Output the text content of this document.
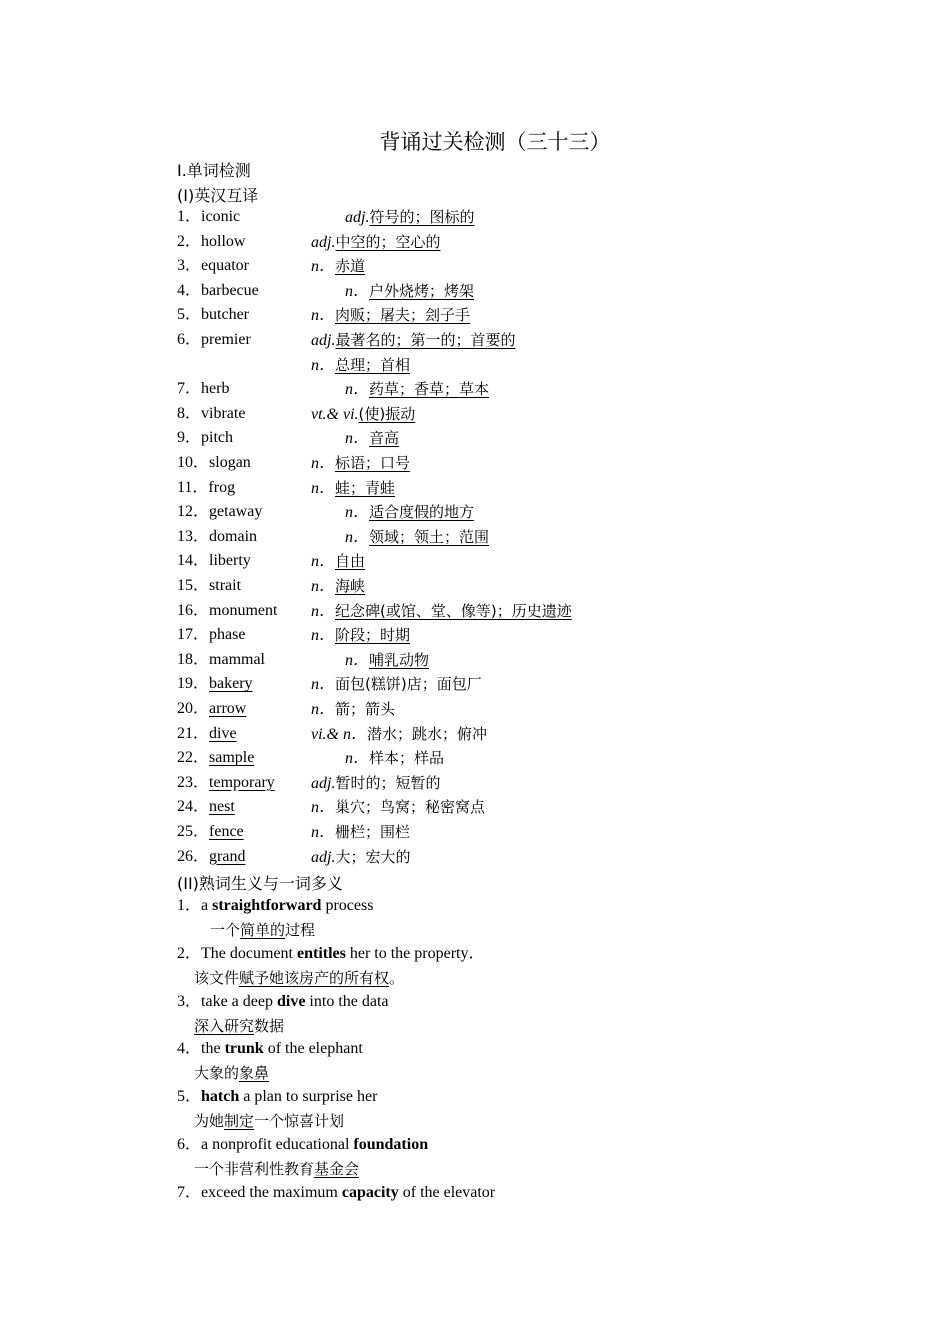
背诵过关检测（三十三）
I.单词检测
(I)英汉互译
1．iconic	adj.符号的；图标的
2．hollow	adj.中空的；空心的
3．equator	n．赤道
4．barbecue	n．户外烧烤；烤架
5．butcher	n．肉贩；屠夫；刽子手
6．premier	adj.最著名的；第一的；首要的
n．总理；首相
7．herb	n．药草；香草；草本
8．vibrate	vt.& vi.(使)振动
9．pitch	n．音高
10．slogan	n．标语；口号
11．frog	n．蛙；青蛙
12．getaway	n．适合度假的地方
13．domain	n．领域；领土；范围
14．liberty	n．自由
15．strait	n．海峡
16．monument n．纪念碑(或馆、堂、像等)；历史遗迹
17．phase	n．阶段；时期
18．mammal	n．哺乳动物
19．bakery	n．面包(糕饼)店；面包厂
20．arrow	n．箭；箭头
21．dive	vi.& n．潜水；跳水；俯冲
22．sample	n．样本；样品
23．temporary adj.暂时的；短暂的
24．nest	n．巢穴；鸟窝；秘密窝点
25．fence	n．栅栏；围栏
26．grand	adj.大；宏大的
(II)熟词生义与一词多义
1．a straightforward process
一个简单的过程
2．The document entitles her to the property．
该文件赋予她该房产的所有权。
3．take a deep dive into the data
深入研究数据
4．the trunk of the elephant
大象的象鼻
5．hatch a plan to surprise her
为她制定一个惊喜计划
6．a nonprofit educational foundation
一个非营利性教育基金会
7．exceed the maximum capacity of the elevator
